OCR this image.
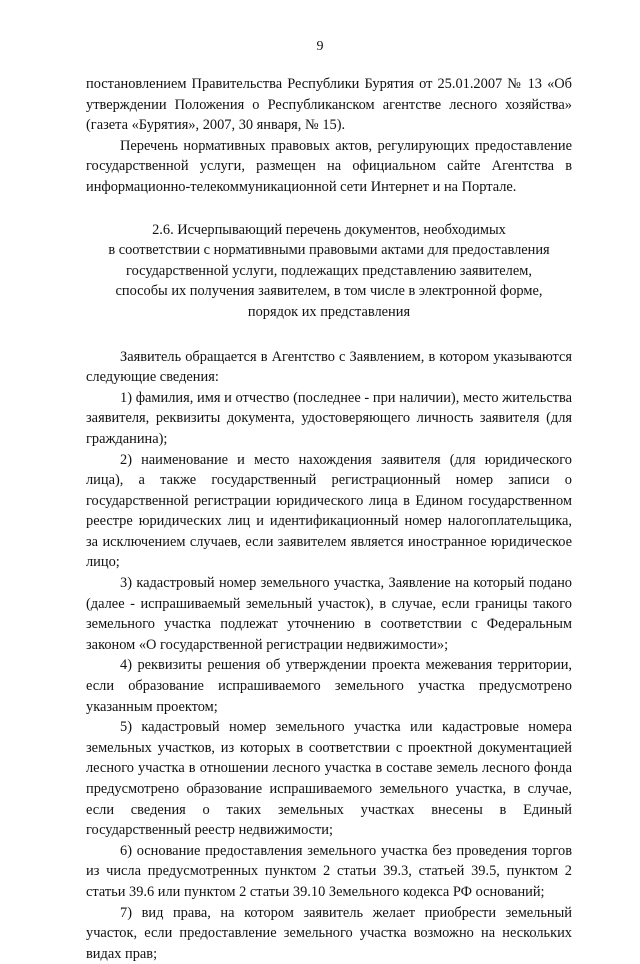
9

постановлением Правительства Республики Бурятия от 25.01.2007 № 13 «Об утверждении Положения о Республиканском агентстве лесного хозяйства» (газета «Бурятия», 2007, 30 января, № 15).

Перечень нормативных правовых актов, регулирующих предоставление государственной услуги, размещен на официальном сайте Агентства в информационно-телекоммуникационной сети Интернет и на Портале.

2.6. Исчерпывающий перечень документов, необходимых
в соответствии с нормативными правовыми актами для предоставления
государственной услуги, подлежащих представлению заявителем,
способы их получения заявителем, в том числе в электронной форме,
порядок их представления

Заявитель обращается в Агентство с Заявлением, в котором указываются следующие сведения:

1) фамилия, имя и отчество (последнее - при наличии), место жительства заявителя, реквизиты документа, удостоверяющего личность заявителя (для гражданина);

2) наименование и место нахождения заявителя (для юридического лица), а также государственный регистрационный номер записи о государственной регистрации юридического лица в Едином государственном реестре юридических лиц и идентификационный номер налогоплательщика, за исключением случаев, если заявителем является иностранное юридическое лицо;

3) кадастровый номер земельного участка, Заявление на который подано (далее - испрашиваемый земельный участок), в случае, если границы такого земельного участка подлежат уточнению в соответствии с Федеральным законом «О государственной регистрации недвижимости»;

4) реквизиты решения об утверждении проекта межевания территории, если образование испрашиваемого земельного участка предусмотрено указанным проектом;

5) кадастровый номер земельного участка или кадастровые номера земельных участков, из которых в соответствии с проектной документацией лесного участка в отношении лесного участка в составе земель лесного фонда предусмотрено образование испрашиваемого земельного участка, в случае, если сведения о таких земельных участках внесены в Единый государственный реестр недвижимости;

6) основание предоставления земельного участка без проведения торгов из числа предусмотренных пунктом 2 статьи 39.3, статьей 39.5, пунктом 2 статьи 39.6 или пунктом 2 статьи 39.10 Земельного кодекса РФ оснований;

7) вид права, на котором заявитель желает приобрести земельный участок, если предоставление земельного участка возможно на нескольких видах прав;
